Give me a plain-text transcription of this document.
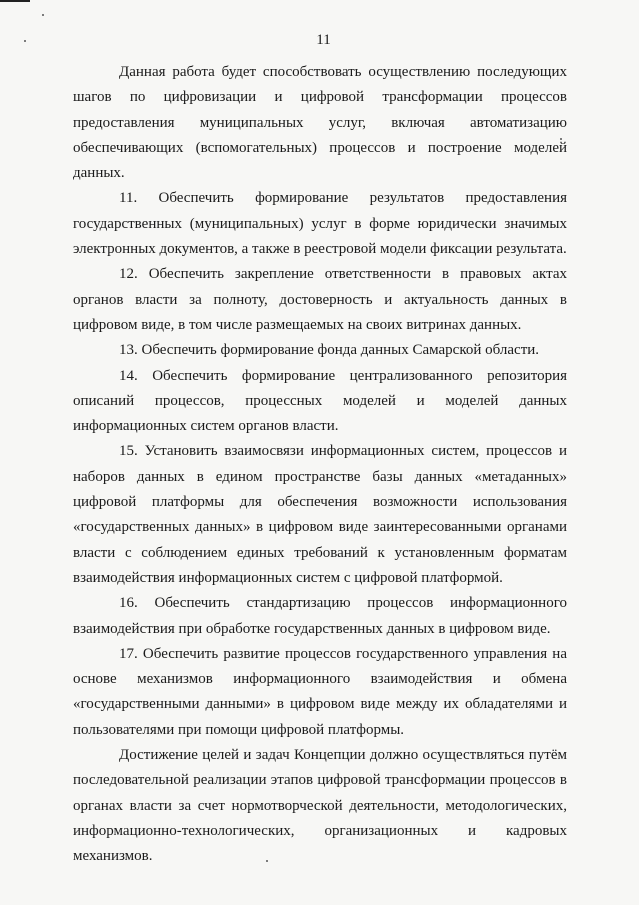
11

Данная работа будет способствовать осуществлению последующих шагов по цифровизации и цифровой трансформации процессов предоставления муниципальных услуг, включая автоматизацию обеспечивающих (вспомогательных) процессов и построение моделей данных.

11. Обеспечить формирование результатов предоставления государственных (муниципальных) услуг в форме юридически значимых электронных документов, а также в реестровой модели фиксации результата.

12. Обеспечить закрепление ответственности в правовых актах органов власти за полноту, достоверность и актуальность данных в цифровом виде, в том числе размещаемых на своих витринах данных.

13. Обеспечить формирование фонда данных Самарской области.

14. Обеспечить формирование централизованного репозитория описаний процессов, процессных моделей и моделей данных информационных систем органов власти.

15. Установить взаимосвязи информационных систем, процессов и наборов данных в едином пространстве базы данных «метаданных» цифровой платформы для обеспечения возможности использования «государственных данных» в цифровом виде заинтересованными органами власти с соблюдением единых требований к установленным форматам взаимодействия информационных систем с цифровой платформой.

16. Обеспечить стандартизацию процессов информационного взаимодействия при обработке государственных данных в цифровом виде.

17. Обеспечить развитие процессов государственного управления на основе механизмов информационного взаимодействия и обмена «государственными данными» в цифровом виде между их обладателями и пользователями при помощи цифровой платформы.

Достижение целей и задач Концепции должно осуществляться путём последовательной реализации этапов цифровой трансформации процессов в органах власти за счет нормотворческой деятельности, методологических, информационно-технологических, организационных и кадровых механизмов.
